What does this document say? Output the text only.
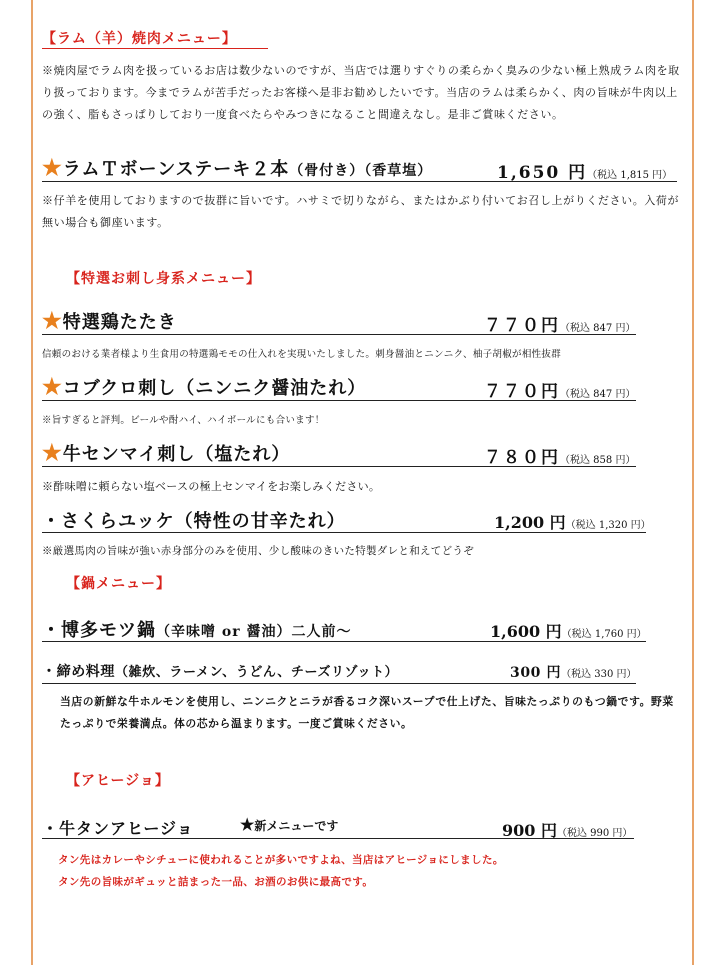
【ラム（羊）焼肉メニュー】
※焼肉屋でラム肉を扱っているお店は数少ないのですが、当店では選りすぐりの柔らかく臭みの少ない極上熟成ラム肉を取り扱っております。今までラムが苦手だったお客様へ是非お勧めしたいです。当店のラムは柔らかく、肉の旨味が牛肉以上の強く、脂もさっぱりしており一度食べたらやみつきになること間違えなし。是非ご賞味ください。
★ラムＴボーンステーキ２本（骨付き）（香草塩）	1,650 円（税込 1,815 円）
※仔羊を使用しておりますので抜群に旨いです。ハサミで切りながら、またはかぶり付いてお召し上がりください。入荷が無い場合も御座います。
【特選お刺し身系メニュー】
★特選鶏たたき	７７０円（税込 847 円）
信頼のおける業者様より生食用の特選鶏モモの仕入れを実現いたしました。刺身醤油とニンニク、柚子胡椒が相性抜群
★コブクロ刺し（ニンニク醤油たれ）	７７０円（税込 847 円）
※旨すぎると評判。ビールや酎ハイ、ハイボールにも合います！
★牛センマイ刺し（塩たれ）	７８０円（税込 858 円）
※酢味噌に頼らない塩ベースの極上センマイをお楽しみください。
・さくらユッケ（特性の甘辛たれ）	1,200 円（税込 1,320 円）
※厳選馬肉の旨味が強い赤身部分のみを使用、少し酸味のきいた特製ダレと和えてどうぞ
【鍋メニュー】
・博多モツ鍋（辛味噌 or 醤油）二人前～	1,600 円（税込 1,760 円）
・締め料理（雑炊、ラーメン、うどん、チーズリゾット）	300 円（税込 330 円）
当店の新鮮な牛ホルモンを使用し、ニンニクとニラが香るコク深いスープで仕上げた、旨味たっぷりのもつ鍋です。野菜たっぷりで栄養満点。体の芯から温まります。一度ご賞味ください。
【アヒージョ】
・牛タンアヒージョ	★新メニューです	900 円（税込 990 円）
タン先はカレーやシチューに使われることが多いですよね、当店はアヒージョにしました。
タン先の旨味がギュッと詰まった一品、お酒のお供に最高です。
